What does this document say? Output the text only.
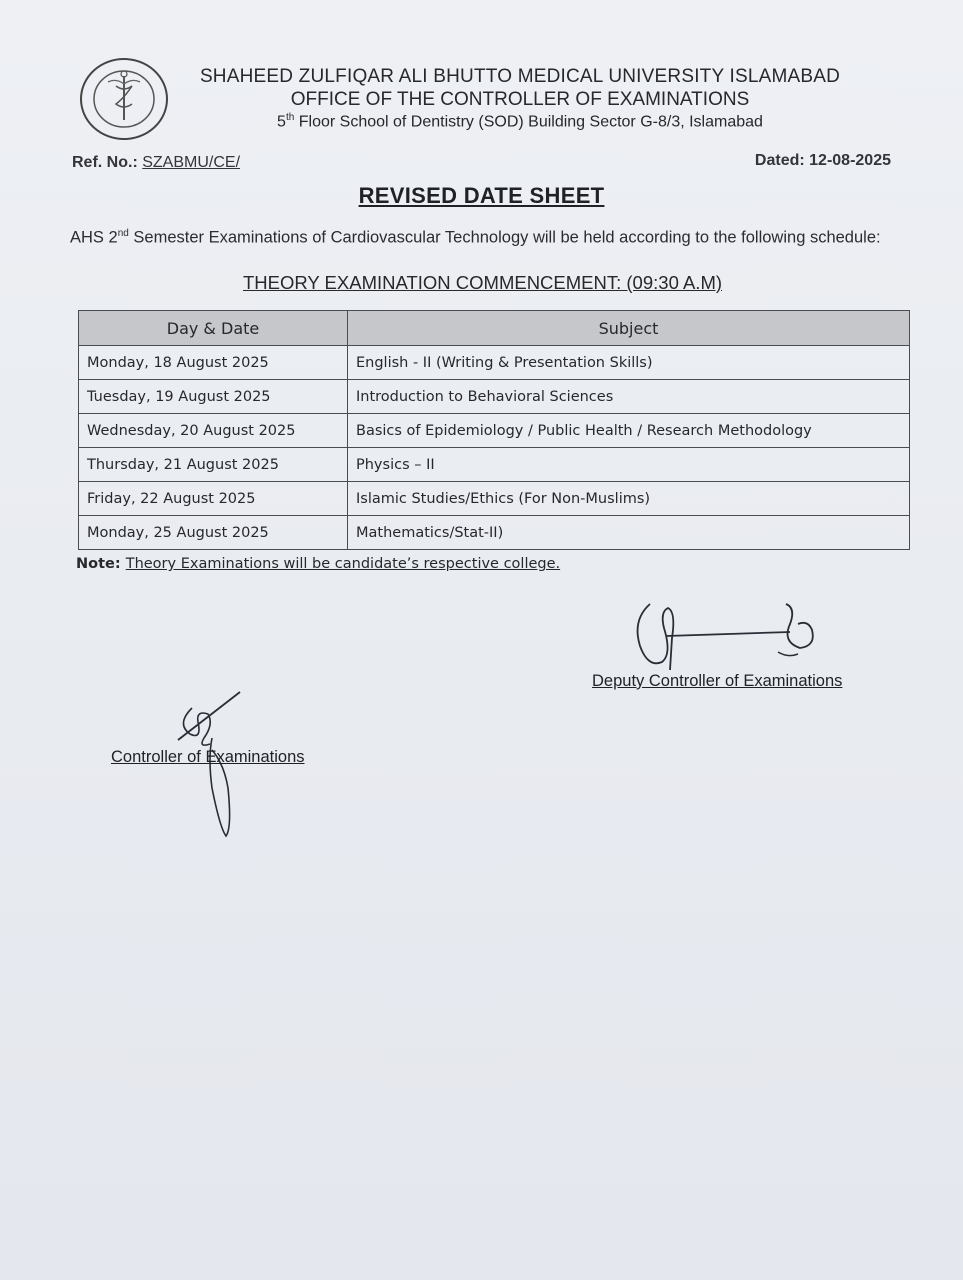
SHAHEED ZULFIQAR ALI BHUTTO MEDICAL UNIVERSITY ISLAMABAD
OFFICE OF THE CONTROLLER OF EXAMINATIONS
5th Floor School of Dentistry (SOD) Building Sector G-8/3, Islamabad
Ref. No.: SZABMU/CE/	Dated: 12-08-2025
REVISED DATE SHEET
AHS 2nd Semester Examinations of Cardiovascular Technology will be held according to the following schedule:
THEORY EXAMINATION COMMENCEMENT: (09:30 A.M)
Day & Date	Subject
Monday, 18 August 2025	English - II (Writing & Presentation Skills)
Tuesday, 19 August 2025	Introduction to Behavioral Sciences
Wednesday, 20 August 2025	Basics of Epidemiology / Public Health / Research Methodology
Thursday, 21 August 2025	Physics – II
Friday, 22 August 2025	Islamic Studies/Ethics (For Non-Muslims)
Monday, 25 August 2025	Mathematics/Stat-II)
Note: Theory Examinations will be candidate’s respective college.
Deputy Controller of Examinations
Controller of Examinations
